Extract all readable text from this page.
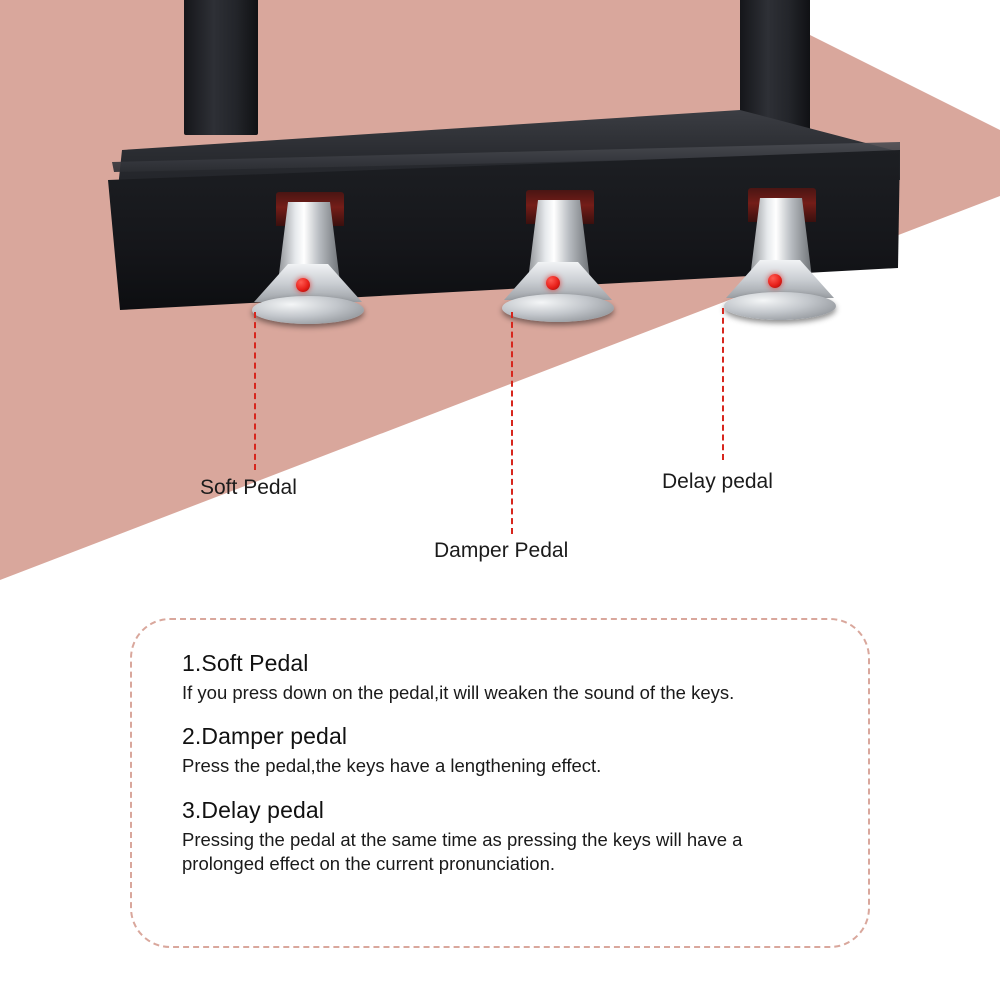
Soft Pedal
Damper Pedal
Delay pedal
1.Soft Pedal

If you press down on the pedal,it will weaken the sound of the keys.

2.Damper pedal

Press the pedal,the keys have a lengthening effect.

3.Delay pedal

Pressing the pedal at the same time as pressing the keys will have a prolonged effect on the current pronunciation.
